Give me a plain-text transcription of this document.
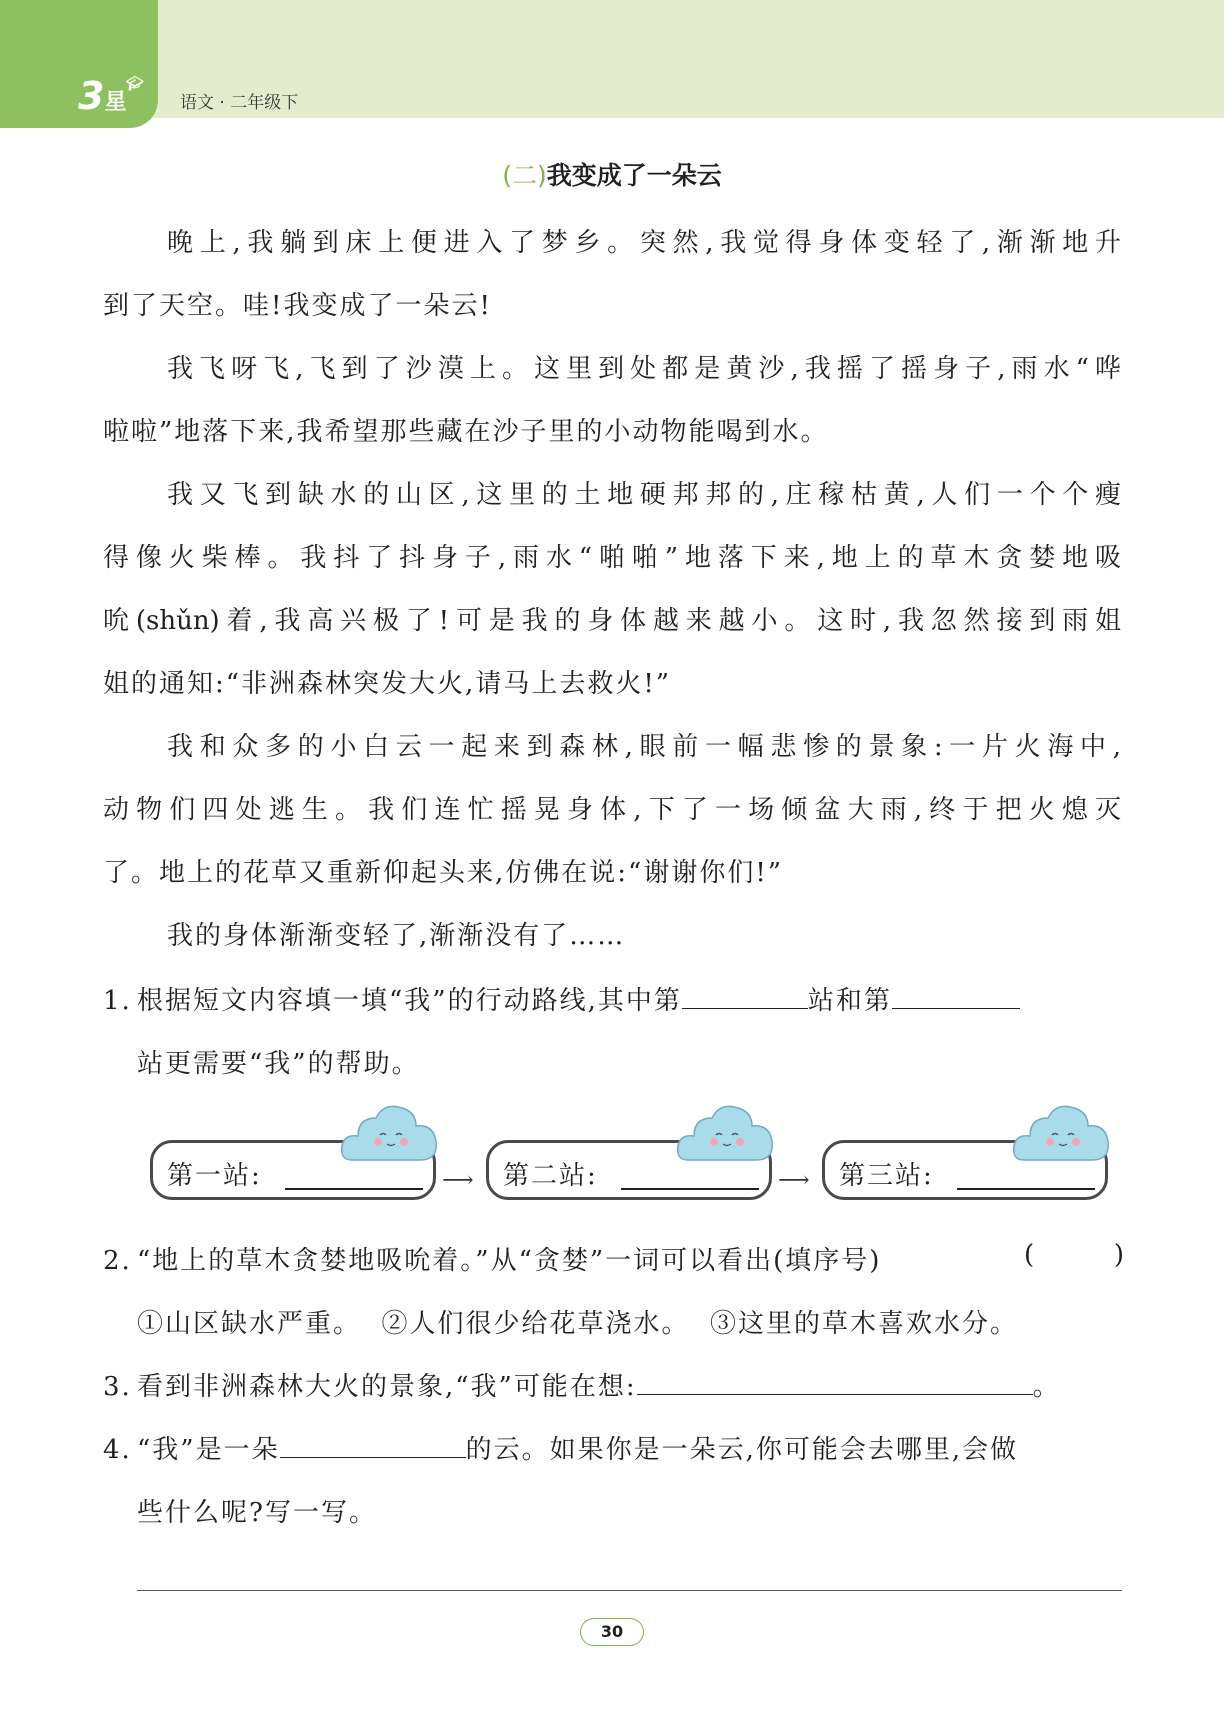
3星
🎓︎
语文 · 二年级下
(二)我变成了一朵云
晚上,我躺到床上便进入了梦乡。突然,我觉得身体变轻了,渐渐地升
到了天空。哇!我变成了一朵云!
我飞呀飞,飞到了沙漠上。这里到处都是黄沙,我摇了摇身子,雨水“哗
啦啦”地落下来,我希望那些藏在沙子里的小动物能喝到水。
我又飞到缺水的山区,这里的土地硬邦邦的,庄稼枯黄,人们一个个瘦
得像火柴棒。我抖了抖身子,雨水“啪啪”地落下来,地上的草木贪婪地吸
吮(shǔn)着,我高兴极了!可是我的身体越来越小。这时,我忽然接到雨姐
姐的通知:“非洲森林突发大火,请马上去救火!”
我和众多的小白云一起来到森林,眼前一幅悲惨的景象:一片火海中,
动物们四处逃生。我们连忙摇晃身体,下了一场倾盆大雨,终于把火熄灭
了。地上的花草又重新仰起头来,仿佛在说:“谢谢你们!”
我的身体渐渐变轻了,渐渐没有了……
1. 根据短文内容填一填“我”的行动路线,其中第	站和第
站更需要“我”的帮助。
第一站:	⟶ 第二站:	⟶ 第三站:
2. “地上的草木贪婪地吸吮着。”从“贪婪”一词可以看出(填序号)	(	)
①山区缺水严重。  ②人们很少给花草浇水。  ③这里的草木喜欢水分。
3. 看到非洲森林大火的景象,“我”可能在想:	。
4. “我”是一朵	的云。如果你是一朵云,你可能会去哪里,会做
些什么呢?写一写。
30
